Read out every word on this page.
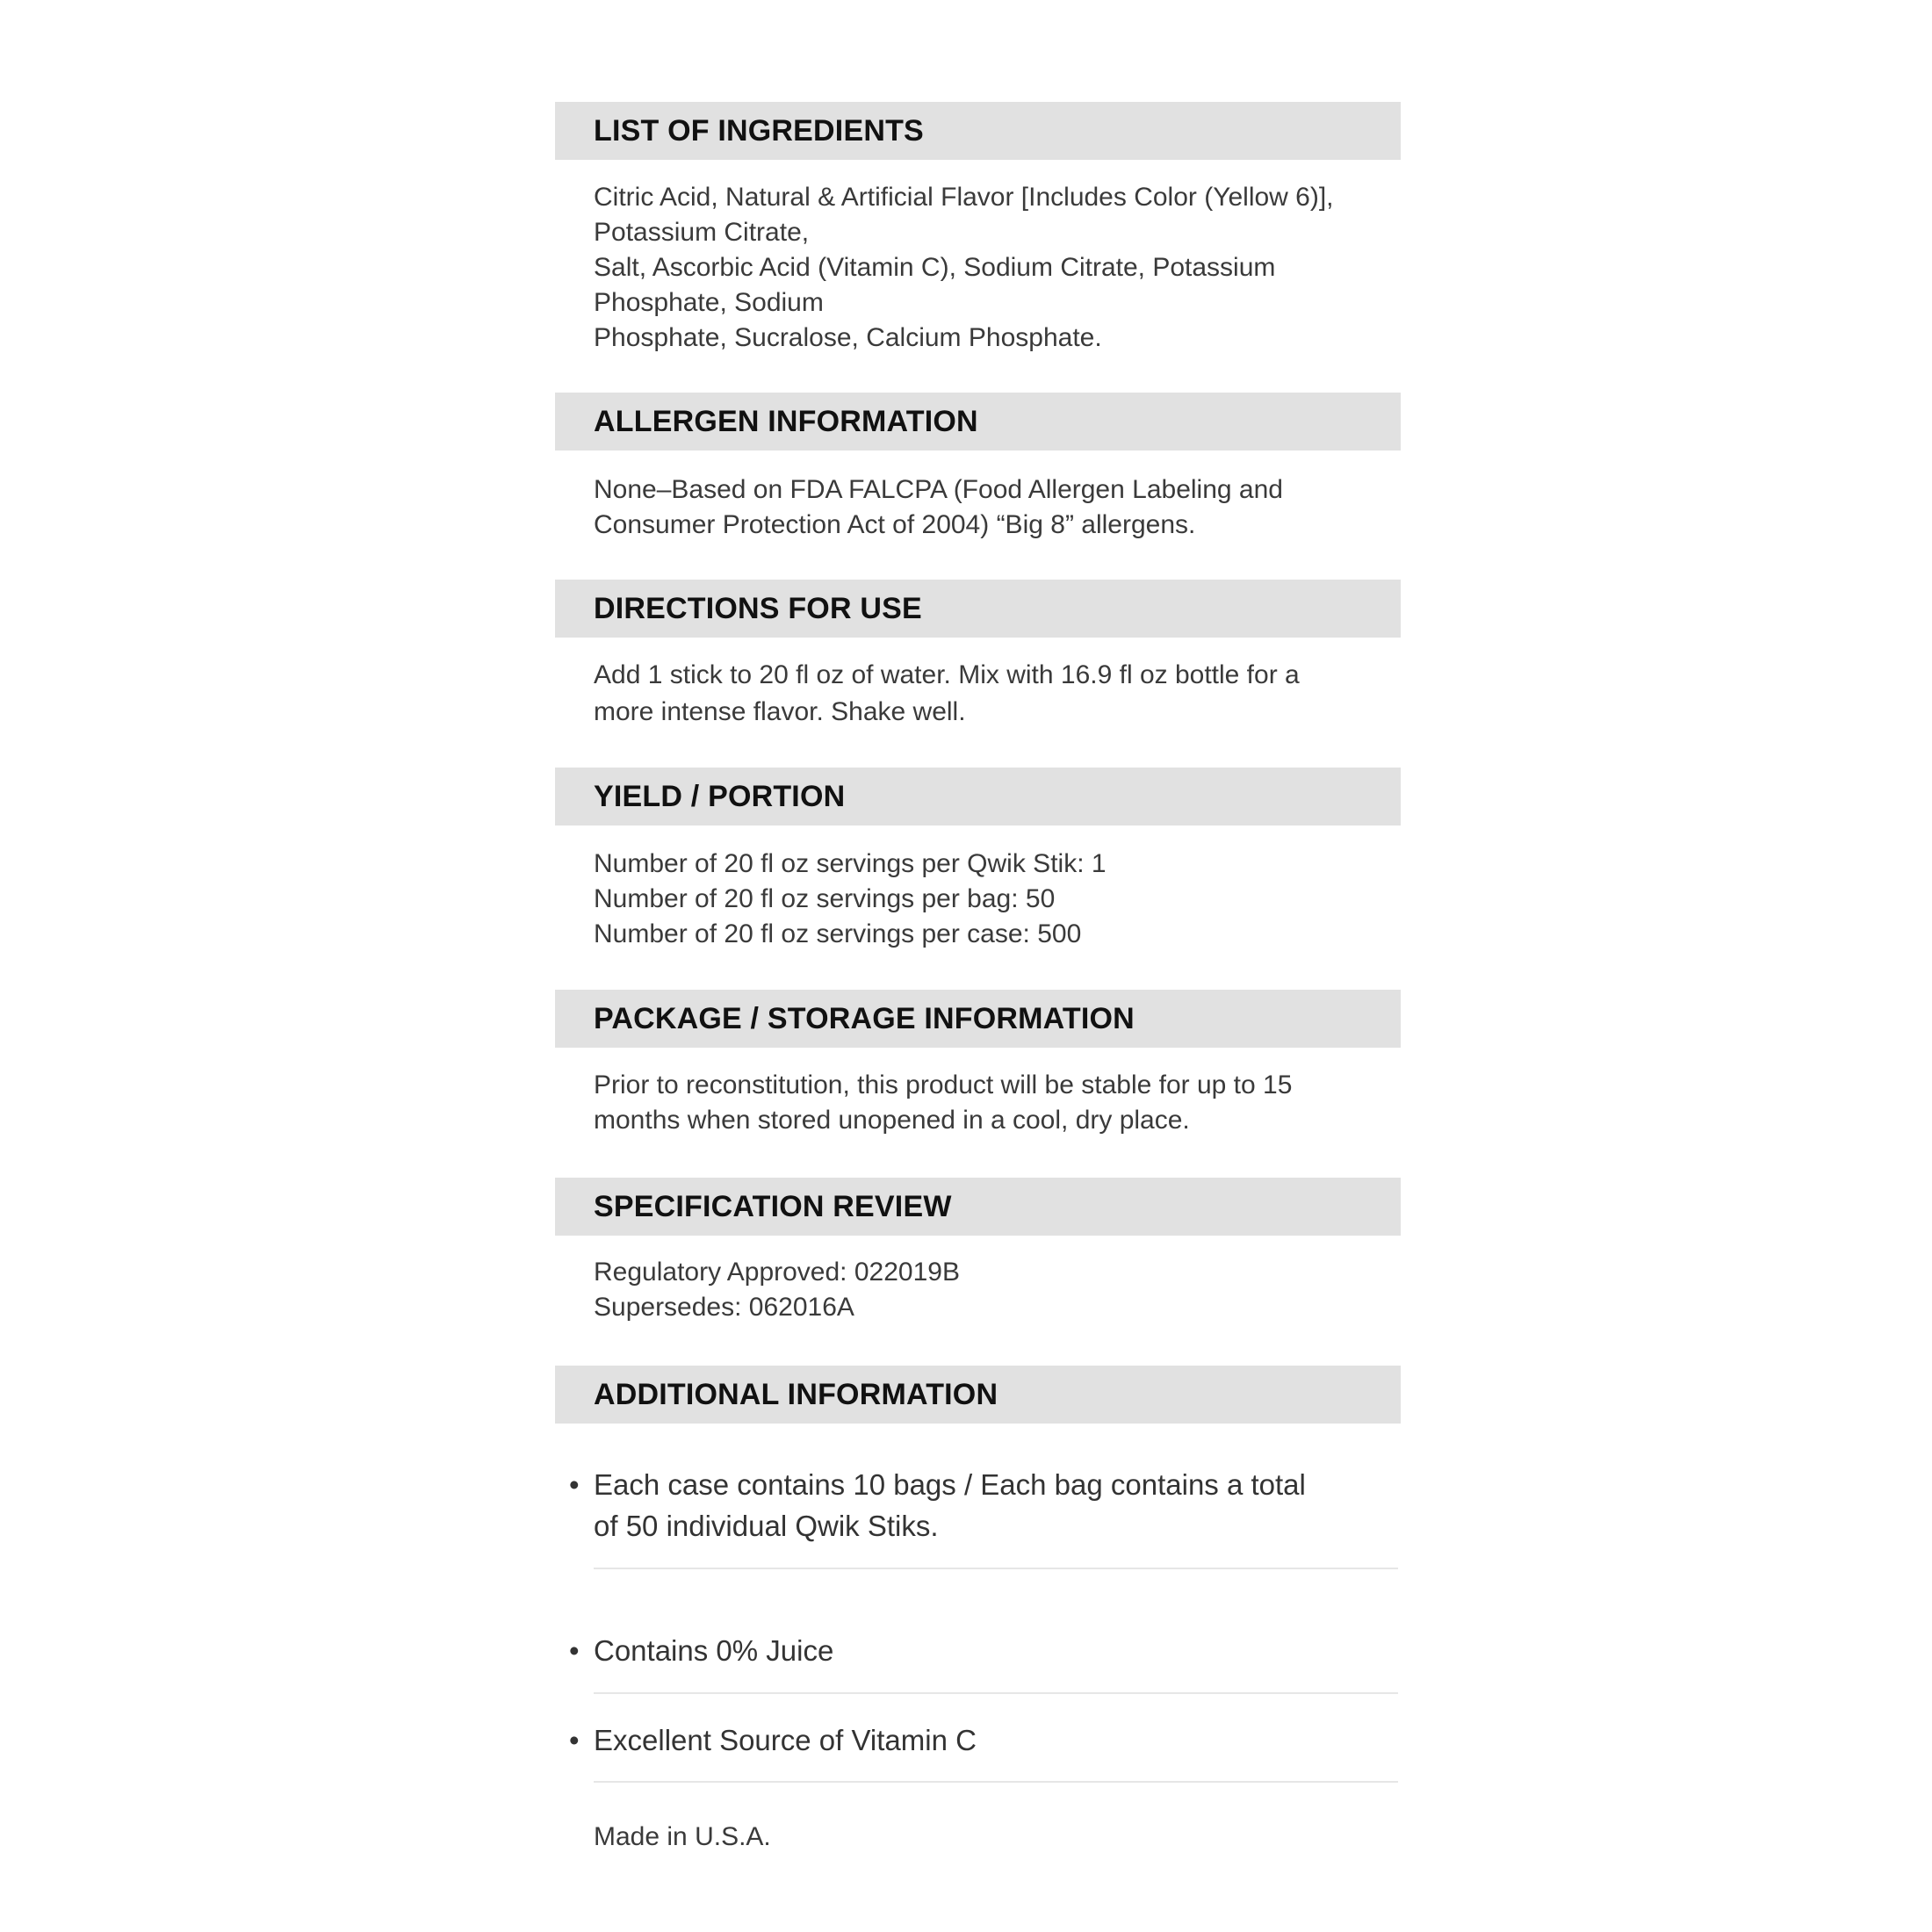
LIST OF INGREDIENTS
Citric Acid, Natural & Artificial Flavor [Includes Color (Yellow 6)],
Potassium Citrate,
Salt, Ascorbic Acid (Vitamin C), Sodium Citrate, Potassium
Phosphate, Sodium
Phosphate, Sucralose, Calcium Phosphate.
ALLERGEN INFORMATION
None–Based on FDA FALCPA (Food Allergen Labeling and
Consumer Protection Act of 2004) “Big 8” allergens.
DIRECTIONS FOR USE
Add 1 stick to 20 fl oz of water. Mix with 16.9 fl oz bottle for a
more intense flavor. Shake well.
YIELD / PORTION
Number of 20 fl oz servings per Qwik Stik: 1
Number of 20 fl oz servings per bag: 50
Number of 20 fl oz servings per case: 500
PACKAGE / STORAGE INFORMATION
Prior to reconstitution, this product will be stable for up to 15
months when stored unopened in a cool, dry place.
SPECIFICATION REVIEW
Regulatory Approved: 022019B
Supersedes: 062016A
ADDITIONAL INFORMATION
• Each case contains 10 bags / Each bag contains a total
of 50 individual Qwik Stiks.
• Contains 0% Juice
• Excellent Source of Vitamin C
Made in U.S.A.
